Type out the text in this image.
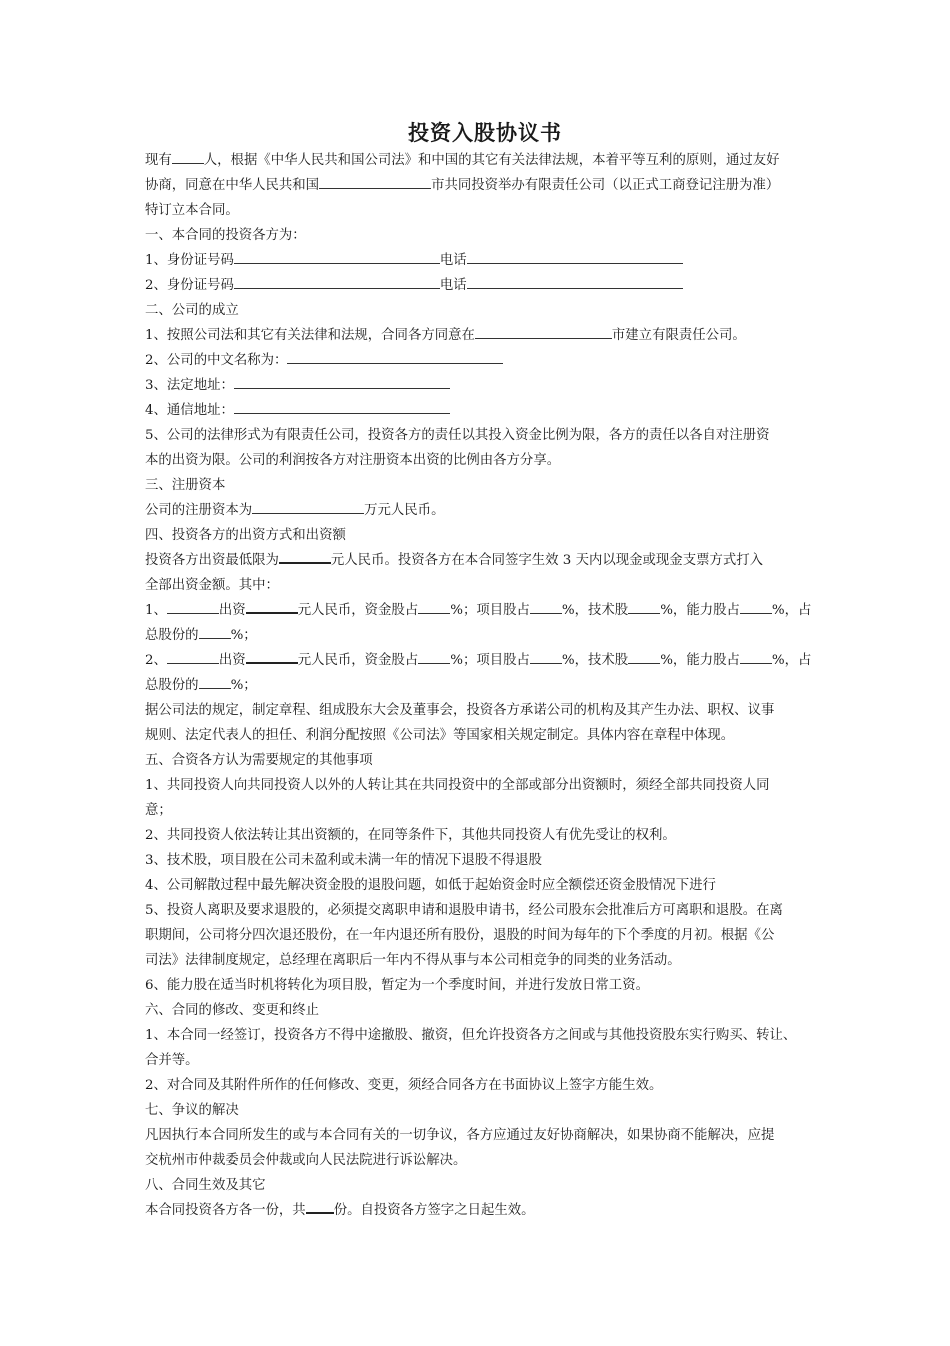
投资入股协议书

现有 人，根据《中华人民共和国公司法》和中国的其它有关法律法规，本着平等互利的原则，通过友好

协商，同意在中华人民共和国	市共同投资举办有限责任公司（以正式工商登记注册为准）

特订立本合同。

一、本合同的投资各方为：

1、身份证号码	电话

2、身份证号码	电话

二、公司的成立

1、按照公司法和其它有关法律和法规，合同各方同意在	市建立有限责任公司。

2、公司的中文名称为：

3、法定地址：

4、通信地址：

5、公司的法律形式为有限责任公司，投资各方的责任以其投入资金比例为限，各方的责任以各自对注册资

本的出资为限。公司的利润按各方对注册资本出资的比例由各方分享。

三、注册资本

公司的注册资本为	万元人民币。

四、投资各方的出资方式和出资额

投资各方出资最低限为	元人民币。投资各方在本合同签字生效 3 天内以现金或现金支票方式打入

全部出资金额。其中：

1、	出资	元人民币，资金股占 %；项目股占 %，技术股 %，能力股占 %，占

总股份的 %；

2、	出资	元人民币，资金股占 %；项目股占 %，技术股 %，能力股占 %，占

总股份的 %；

据公司法的规定，制定章程、组成股东大会及董事会，投资各方承诺公司的机构及其产生办法、职权、议事

规则、法定代表人的担任、利润分配按照《公司法》等国家相关规定制定。具体内容在章程中体现。

五、合资各方认为需要规定的其他事项

1、共同投资人向共同投资人以外的人转让其在共同投资中的全部或部分出资额时，须经全部共同投资人同

意；

2、共同投资人依法转让其出资额的，在同等条件下，其他共同投资人有优先受让的权利。

3、技术股，项目股在公司未盈利或未满一年的情况下退股不得退股

4、公司解散过程中最先解决资金股的退股问题，如低于起始资金时应全额偿还资金股情况下进行

5、投资人离职及要求退股的，必须提交离职申请和退股申请书，经公司股东会批准后方可离职和退股。在离

职期间，公司将分四次退还股份，在一年内退还所有股份，退股的时间为每年的下个季度的月初。根据《公

司法》法律制度规定，总经理在离职后一年内不得从事与本公司相竞争的同类的业务活动。

6、能力股在适当时机将转化为项目股，暂定为一个季度时间，并进行发放日常工资。

六、合同的修改、变更和终止

1、本合同一经签订，投资各方不得中途撤股、撤资，但允许投资各方之间或与其他投资股东实行购买、转让、

合并等。

2、对合同及其附件所作的任何修改、变更，须经合同各方在书面协议上签字方能生效。

七、争议的解决

凡因执行本合同所发生的或与本合同有关的一切争议，各方应通过友好协商解决，如果协商不能解决，应提

交杭州市仲裁委员会仲裁或向人民法院进行诉讼解决。

八、合同生效及其它

本合同投资各方各一份，共 份。自投资各方签字之日起生效。
